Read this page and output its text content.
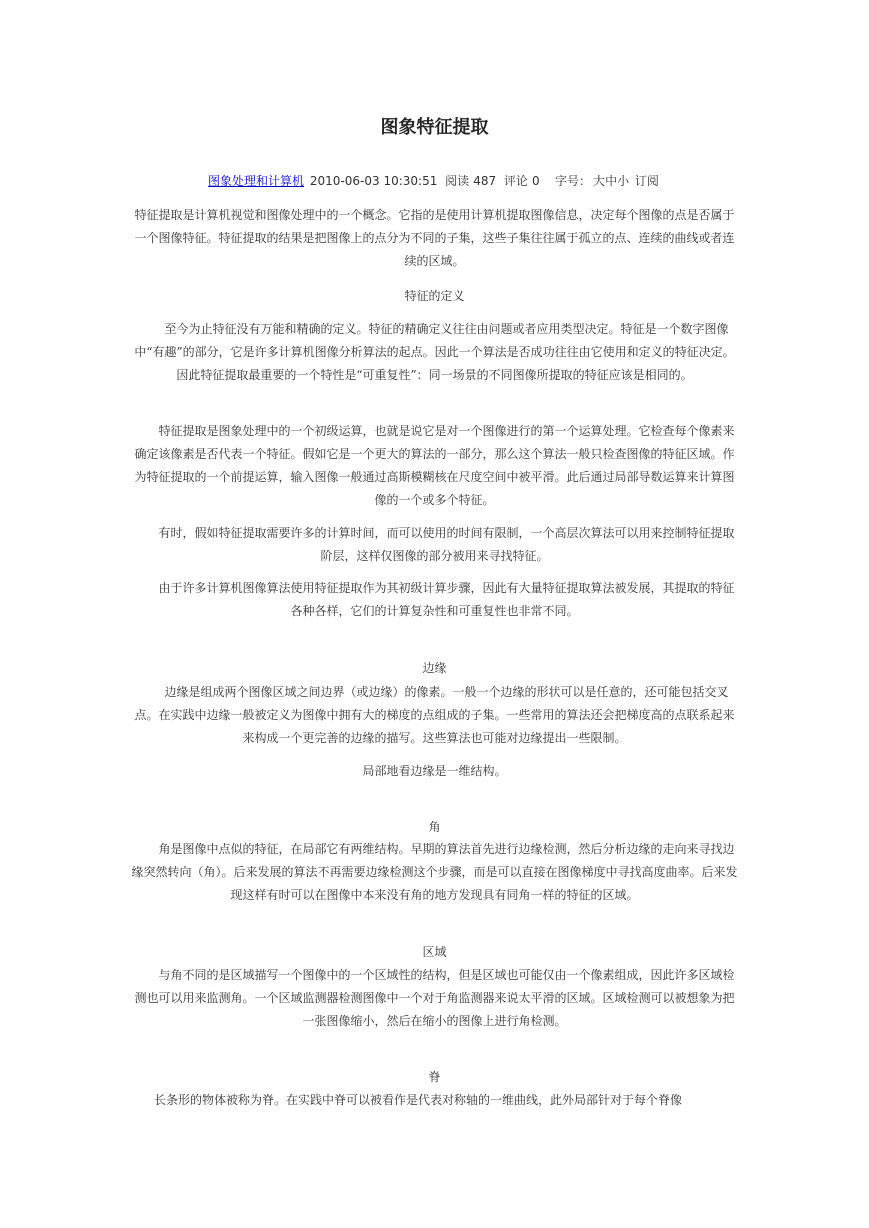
图象特征提取
图象处理和计算机 2010-06-03 10:30:51 阅读 487 评论 0 字号： 大中小 订阅

特征提取是计算机视觉和图像处理中的一个概念。它指的是使用计算机提取图像信息，决定每个图像的点是否属于一个图像特征。特征提取的结果是把图像上的点分为不同的子集，这些子集往往属于孤立的点、连续的曲线或者连续的区域。

特征的定义

至今为止特征没有万能和精确的定义。特征的精确定义往往由问题或者应用类型决定。特征是一个数字图像中“有趣”的部分，它是许多计算机图像分析算法的起点。因此一个算法是否成功往往由它使用和定义的特征决定。因此特征提取最重要的一个特性是“可重复性”：同一场景的不同图像所提取的特征应该是相同的。

特征提取是图象处理中的一个初级运算，也就是说它是对一个图像进行的第一个运算处理。它检查每个像素来确定该像素是否代表一个特征。假如它是一个更大的算法的一部分，那么这个算法一般只检查图像的特征区域。作为特征提取的一个前提运算，输入图像一般通过高斯模糊核在尺度空间中被平滑。此后通过局部导数运算来计算图像的一个或多个特征。

有时，假如特征提取需要许多的计算时间，而可以使用的时间有限制，一个高层次算法可以用来控制特征提取阶层，这样仅图像的部分被用来寻找特征。

由于许多计算机图像算法使用特征提取作为其初级计算步骤，因此有大量特征提取算法被发展，其提取的特征各种各样，它们的计算复杂性和可重复性也非常不同。

边缘

边缘是组成两个图像区域之间边界（或边缘）的像素。一般一个边缘的形状可以是任意的，还可能包括交叉点。在实践中边缘一般被定义为图像中拥有大的梯度的点组成的子集。一些常用的算法还会把梯度高的点联系起来来构成一个更完善的边缘的描写。这些算法也可能对边缘提出一些限制。

局部地看边缘是一维结构。

角

角是图像中点似的特征，在局部它有两维结构。早期的算法首先进行边缘检测，然后分析边缘的走向来寻找边缘突然转向（角）。后来发展的算法不再需要边缘检测这个步骤，而是可以直接在图像梯度中寻找高度曲率。后来发现这样有时可以在图像中本来没有角的地方发现具有同角一样的特征的区域。

区域

与角不同的是区域描写一个图像中的一个区域性的结构，但是区域也可能仅由一个像素组成，因此许多区域检测也可以用来监测角。一个区域监测器检测图像中一个对于角监测器来说太平滑的区域。区域检测可以被想象为把一张图像缩小，然后在缩小的图像上进行角检测。

脊

长条形的物体被称为脊。在实践中脊可以被看作是代表对称轴的一维曲线，此外局部针对于每个脊像
